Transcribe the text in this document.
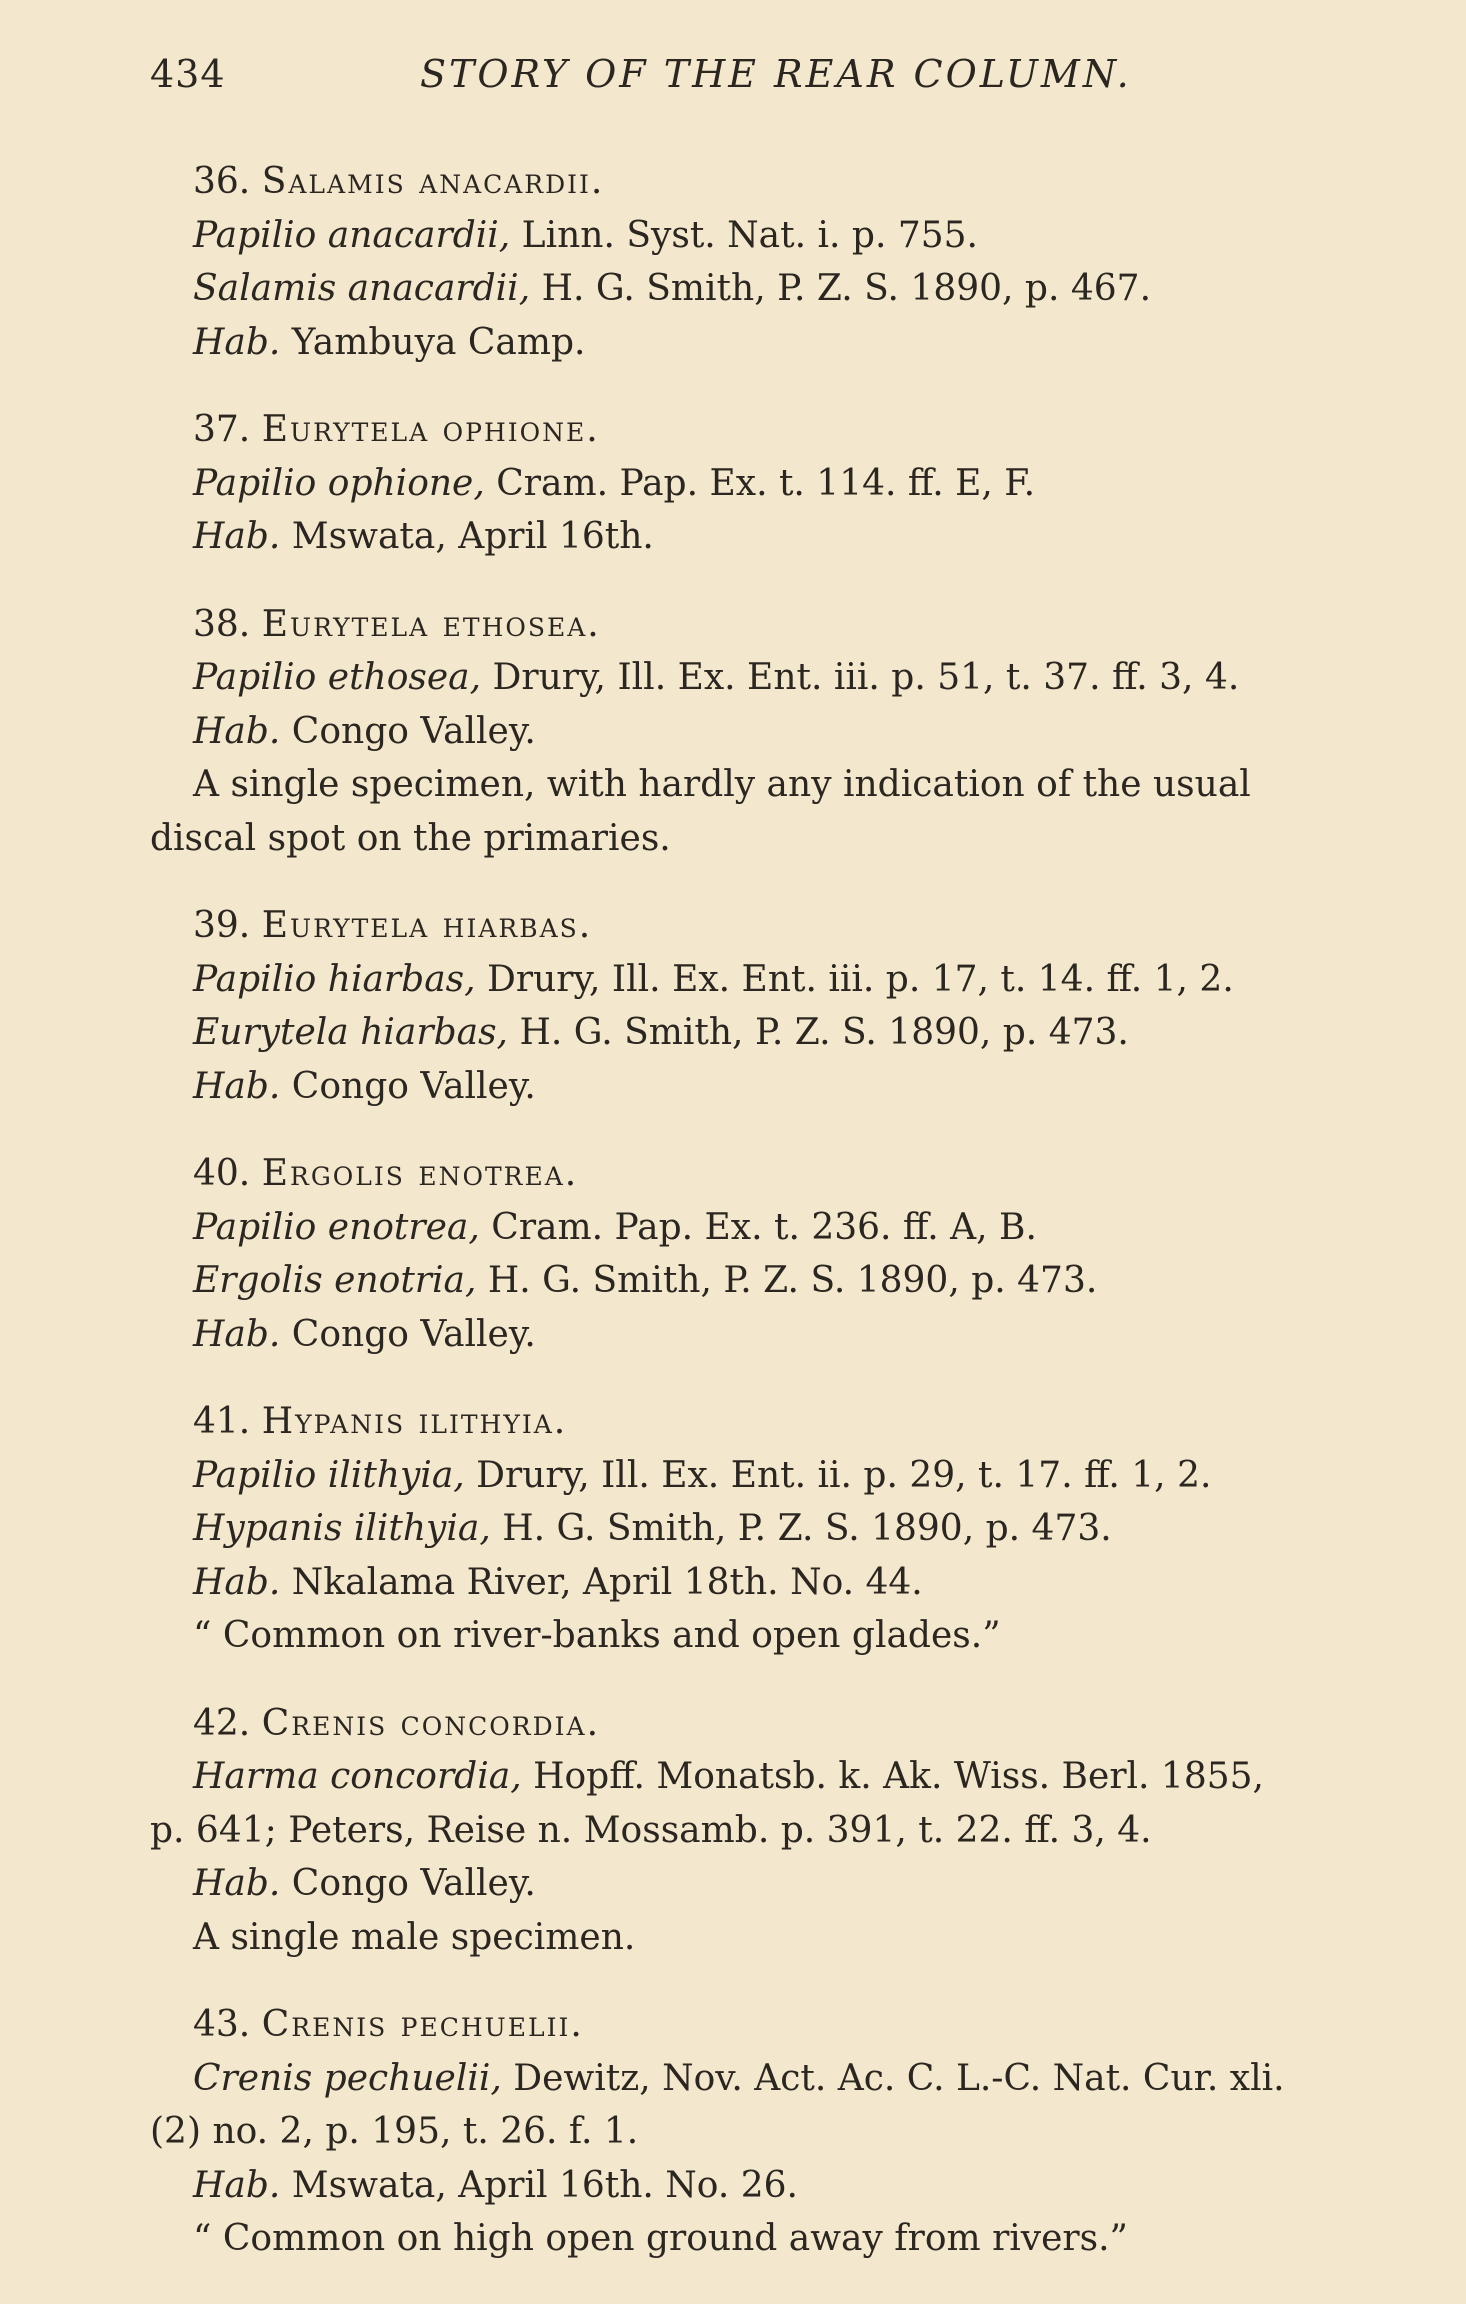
434	STORY OF THE REAR COLUMN.
36. Salamis anacardii.
Papilio anacardii, Linn. Syst. Nat. i. p. 755.
Salamis anacardii, H. G. Smith, P. Z. S. 1890, p. 467.
Hab. Yambuya Camp.
37. Eurytela ophione.
Papilio ophione, Cram. Pap. Ex. t. 114. ff. E, F.
Hab. Mswata, April 16th.
38. Eurytela ethosea.
Papilio ethosea, Drury, Ill. Ex. Ent. iii. p. 51, t. 37. ff. 3, 4.
Hab. Congo Valley.
A single specimen, with hardly any indication of the usual
discal spot on the primaries.
39. Eurytela hiarbas.
Papilio hiarbas, Drury, Ill. Ex. Ent. iii. p. 17, t. 14. ff. 1, 2.
Eurytela hiarbas, H. G. Smith, P. Z. S. 1890, p. 473.
Hab. Congo Valley.
40. Ergolis enotrea.
Papilio enotrea, Cram. Pap. Ex. t. 236. ff. A, B.
Ergolis enotria, H. G. Smith, P. Z. S. 1890, p. 473.
Hab. Congo Valley.
41. Hypanis ilithyia.
Papilio ilithyia, Drury, Ill. Ex. Ent. ii. p. 29, t. 17. ff. 1, 2.
Hypanis ilithyia, H. G. Smith, P. Z. S. 1890, p. 473.
Hab. Nkalama River, April 18th. No. 44.
“ Common on river-banks and open glades.”
42. Crenis concordia.
Harma concordia, Hopff. Monatsb. k. Ak. Wiss. Berl. 1855,
p. 641; Peters, Reise n. Mossamb. p. 391, t. 22. ff. 3, 4.
Hab. Congo Valley.
A single male specimen.
43. Crenis pechuelii.
Crenis pechuelii, Dewitz, Nov. Act. Ac. C. L.-C. Nat. Cur. xli.
(2) no. 2, p. 195, t. 26. f. 1.
Hab. Mswata, April 16th. No. 26.
“ Common on high open ground away from rivers.”
